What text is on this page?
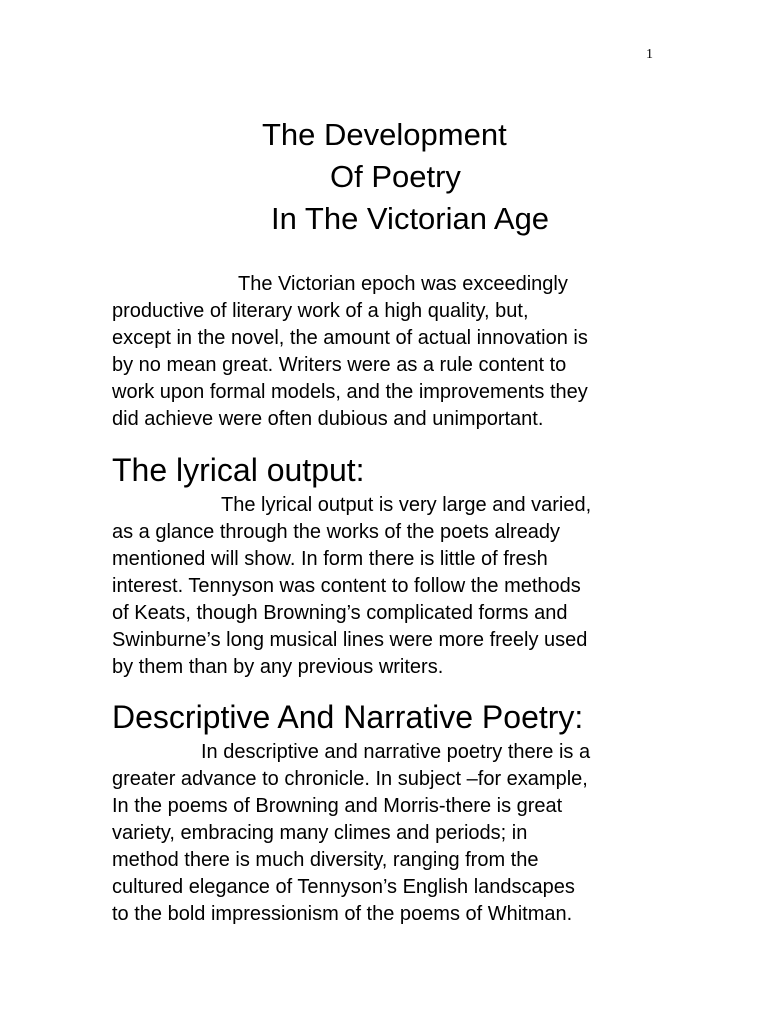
1
The Development
Of Poetry
In The Victorian Age
The Victorian epoch was exceedingly
productive of literary work of a high quality, but,
except in the novel, the amount of actual innovation is
by no mean great. Writers were as a rule content to
work upon formal models, and the improvements they
did achieve were often dubious and unimportant.
The lyrical output:
The lyrical output is very large and varied,
as a glance through the works of the poets already
mentioned will show. In form there is little of fresh
interest. Tennyson was content to follow the methods
of Keats, though Browning’s complicated forms and
Swinburne’s long musical lines were more freely used
by them than by any previous writers.
Descriptive And Narrative Poetry:
In descriptive and narrative poetry there is a
greater advance to chronicle. In subject –for example,
In the poems of Browning and Morris-there is great
variety, embracing many climes and periods; in
method there is much diversity, ranging from the
cultured elegance of Tennyson’s English landscapes
to the bold impressionism of the poems of Whitman.
